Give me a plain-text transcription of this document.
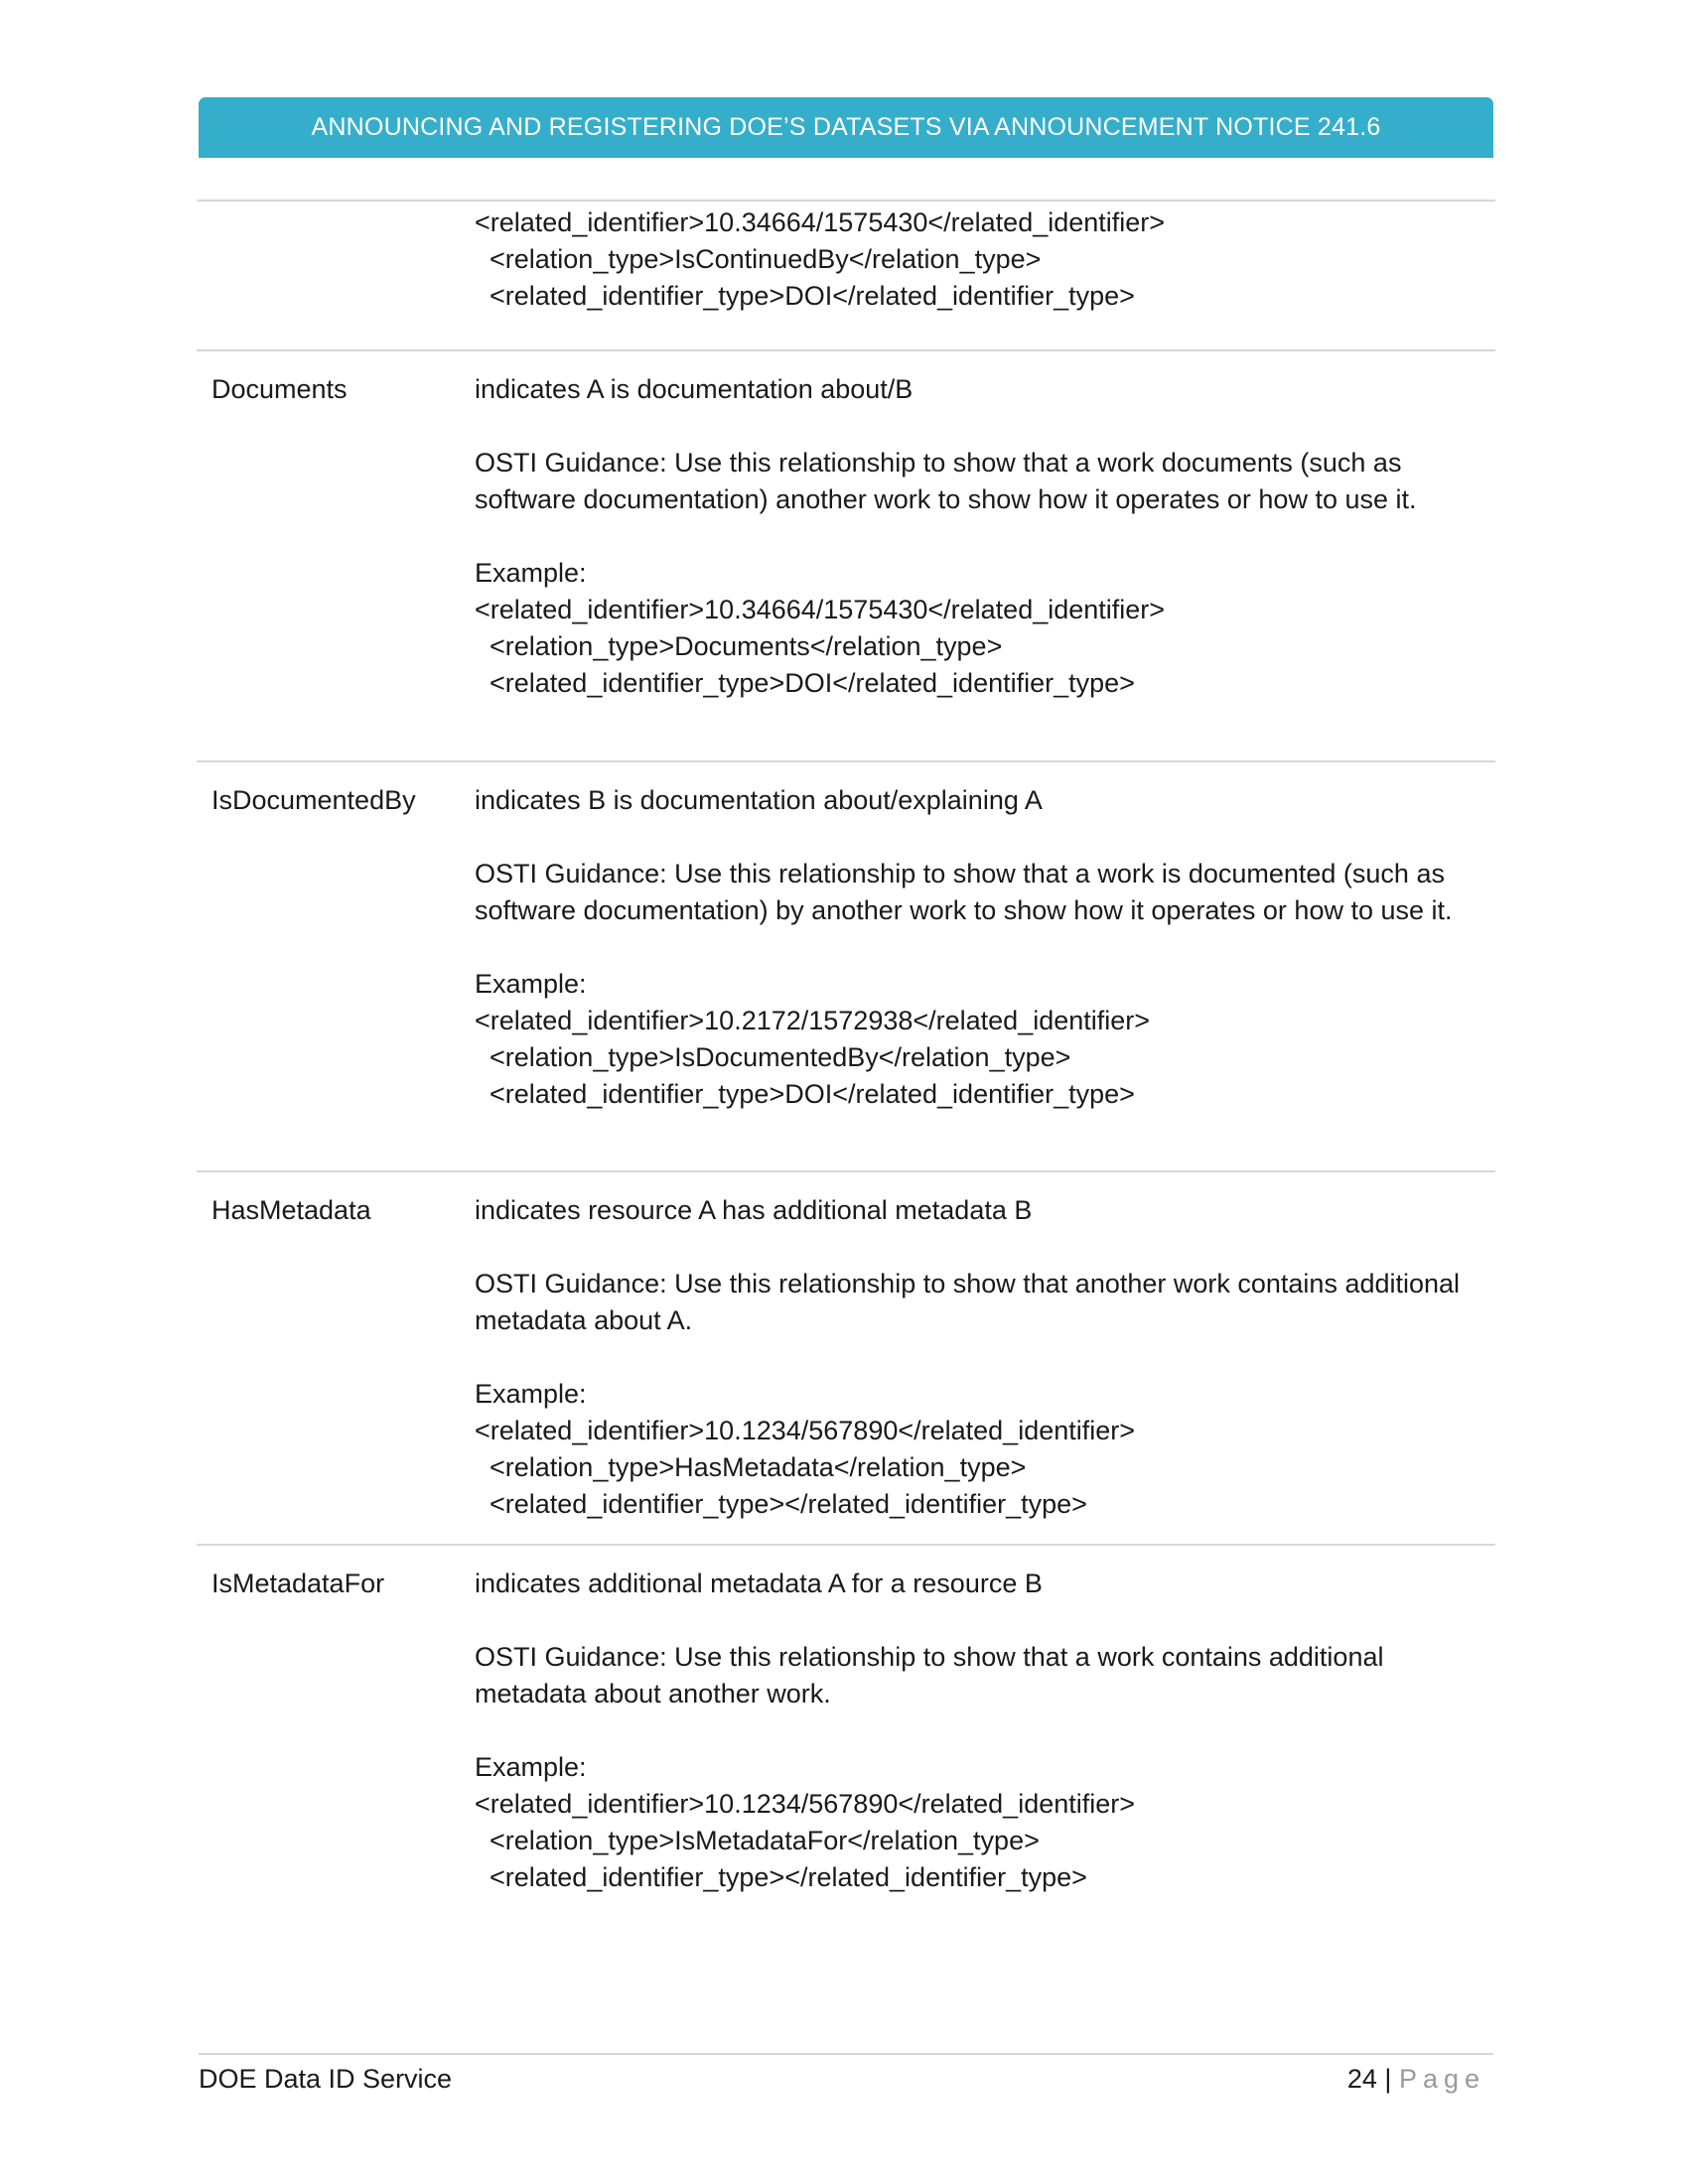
ANNOUNCING AND REGISTERING DOE’S DATASETS VIA ANNOUNCEMENT NOTICE 241.6
<related_identifier>10.34664/1575430</related_identifier>
<relation_type>IsContinuedBy</relation_type>
<related_identifier_type>DOI</related_identifier_type>
Documents	indicates A is documentation about/B

OSTI Guidance: Use this relationship to show that a work documents (such as software documentation) another work to show how it operates or how to use it.

Example:
<related_identifier>10.34664/1575430</related_identifier>
<relation_type>Documents</relation_type>
<related_identifier_type>DOI</related_identifier_type>
IsDocumentedBy indicates B is documentation about/explaining A

OSTI Guidance: Use this relationship to show that a work is documented (such as software documentation) by another work to show how it operates or how to use it.

Example:
<related_identifier>10.2172/1572938</related_identifier>
<relation_type>IsDocumentedBy</relation_type>
<related_identifier_type>DOI</related_identifier_type>
HasMetadata	indicates resource A has additional metadata B

OSTI Guidance: Use this relationship to show that another work contains additional metadata about A.

Example:
<related_identifier>10.1234/567890</related_identifier>
<relation_type>HasMetadata</relation_type>
<related_identifier_type></related_identifier_type>
IsMetadataFor	indicates additional metadata A for a resource B

OSTI Guidance: Use this relationship to show that a work contains additional metadata about another work.

Example:
<related_identifier>10.1234/567890</related_identifier>
<relation_type>IsMetadataFor</relation_type>
<related_identifier_type></related_identifier_type>
DOE Data ID Service	24 | Page
